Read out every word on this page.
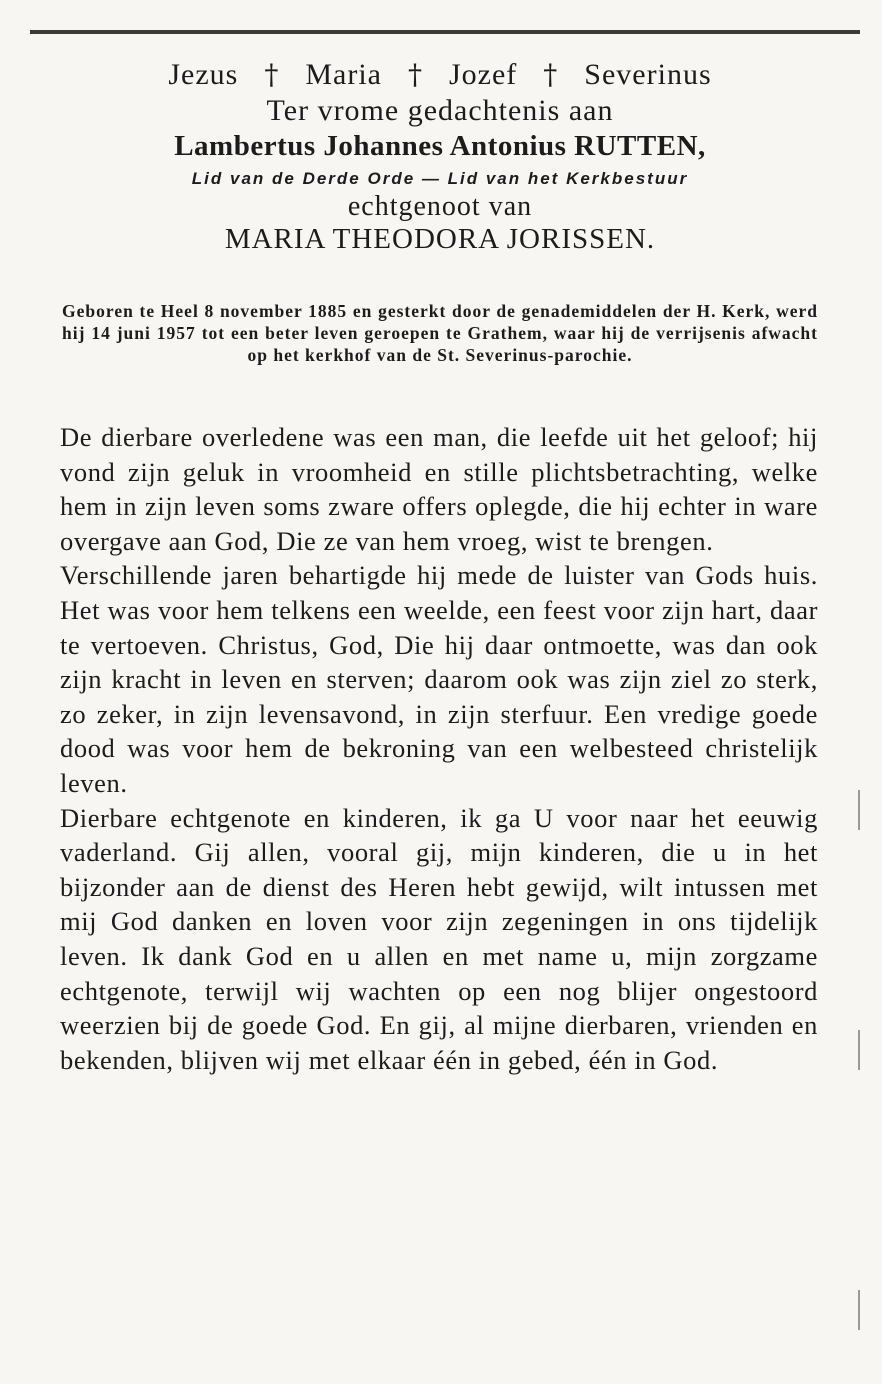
Jezus † Maria † Jozef † Severinus
Ter vrome gedachtenis aan
Lambertus Johannes Antonius RUTTEN,
Lid van de Derde Orde — Lid van het Kerkbestuur
echtgenoot van
MARIA THEODORA JORISSEN.

Geboren te Heel 8 november 1885 en gesterkt door de genademiddelen der H. Kerk, werd hij 14 juni 1957 tot een beter leven geroepen te Grathem, waar hij de verrijsenis afwacht op het kerkhof van de St. Severinus-parochie.

De dierbare overledene was een man, die leefde uit het geloof; hij vond zijn geluk in vroomheid en stille plichtsbetrachting, welke hem in zijn leven soms zware offers oplegde, die hij echter in ware overgave aan God, Die ze van hem vroeg, wist te brengen.

Verschillende jaren behartigde hij mede de luister van Gods huis. Het was voor hem telkens een weelde, een feest voor zijn hart, daar te vertoeven. Christus, God, Die hij daar ontmoette, was dan ook zijn kracht in leven en sterven; daarom ook was zijn ziel zo sterk, zo zeker, in zijn levensavond, in zijn sterfuur. Een vredige goede dood was voor hem de bekroning van een welbesteed christelijk leven.

Dierbare echtgenote en kinderen, ik ga U voor naar het eeuwig vaderland. Gij allen, vooral gij, mijn kinderen, die u in het bijzonder aan de dienst des Heren hebt gewijd, wilt intussen met mij God danken en loven voor zijn zegeningen in ons tijdelijk leven. Ik dank God en u allen en met name u, mijn zorgzame echtgenote, terwijl wij wachten op een nog blijer ongestoord weerzien bij de goede God. En gij, al mijne dierbaren, vrienden en bekenden, blijven wij met elkaar één in gebed, één in God.
